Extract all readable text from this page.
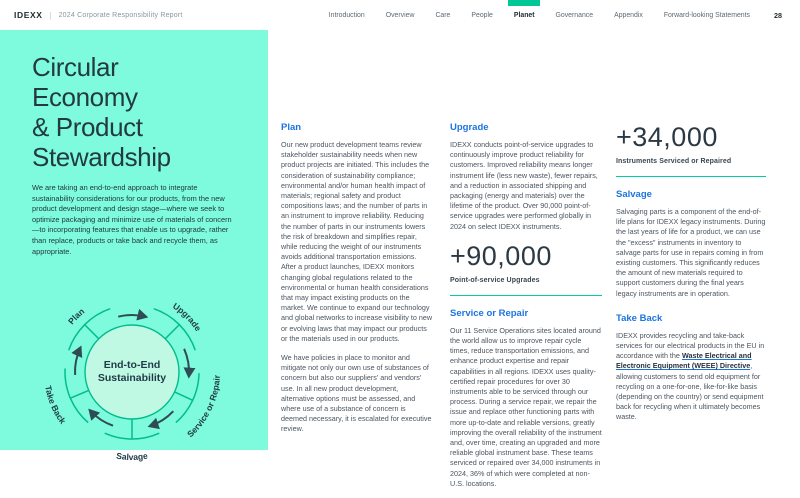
IDEXX | 2024 Corporate Responsibility Report	Introduction	Overview	Care	People	Planet	Governance	Appendix	Forward-looking Statements	28
Circular
Economy
& Product
Stewardship

We are taking an end-to-end approach to integrate sustainability considerations for our products, from the new product development and design stage—where we seek to optimize packaging and minimize use of materials of concern—to incorporating features that enable us to upgrade, rather than replace, products or take back and recycle them, as appropriate.

End-to-End
Sustainability
Plan	Upgrade
Service or Repair
Salvage
Take Back
Plan

Our new product development teams review stakeholder sustainability needs when new product projects are initiated. This includes the consideration of sustainability compliance; environmental and/or human health impact of materials; regional safety and product compositions laws; and the number of parts in an instrument to improve reliability. Reducing the number of parts in our instruments lowers the risk of breakdown and simplifies repair, while reducing the weight of our instruments avoids additional transportation emissions. After a product launches, IDEXX monitors changing global regulations related to the environmental or human health considerations that may impact existing products on the market. We continue to expand our technology and global networks to increase visibility to new or evolving laws that may impact our products or the materials used in our products.

We have policies in place to monitor and mitigate not only our own use of substances of concern but also our suppliers' and vendors' use. In all new product development, alternative options must be assessed, and where use of a substance of concern is deemed necessary, it is escalated for executive review.

Upgrade

IDEXX conducts point-of-service upgrades to continuously improve product reliability for customers. Improved reliability means longer instrument life (less new waste), fewer repairs, and a reduction in associated shipping and packaging (energy and materials) over the lifetime of the product. Over 90,000 point-of-service upgrades were performed globally in 2024 on select IDEXX instruments.

+90,000
Point-of-service Upgrades
Service or Repair

Our 11 Service Operations sites located around the world allow us to improve repair cycle times, reduce transportation emissions, and enhance product expertise and repair capabilities in all regions. IDEXX uses quality-certified repair procedures for over 30 instruments able to be serviced through our process. During a service repair, we repair the issue and replace other functioning parts with more up-to-date and reliable versions, greatly improving the overall reliability of the instrument and, over time, creating an upgraded and more reliable global instrument base. These teams serviced or repaired over 34,000 instruments in 2024, 36% of which were completed at non-U.S. locations.

+34,000
Instruments Serviced or Repaired
Salvage

Salvaging parts is a component of the end-of-life plans for IDEXX legacy instruments. During the last years of life for a product, we can use the "excess" instruments in inventory to salvage parts for use in repairs coming in from existing customers. This significantly reduces the amount of new materials required to support customers during the final years legacy instruments are in operation.

Take Back

IDEXX provides recycling and take-back services for our electrical products in the EU in accordance with the Waste Electrical and Electronic Equipment (WEEE) Directive, allowing customers to send old equipment for recycling on a one-for-one, like-for-like basis (depending on the country) or send equipment back for recycling when it ultimately becomes waste.
